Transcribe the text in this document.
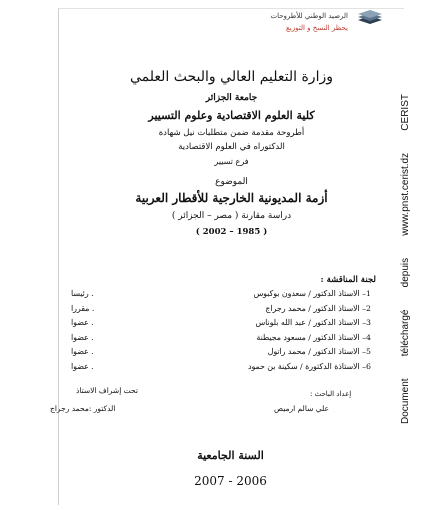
الرصيد الوطني للأطروحات
يحظر النسخ و التوزيع
وزارة التعليم العالي والبحث العلمي
جامعة الجزائر
كلية العلوم الاقتصادية وعلوم التسيير
أطروحة مقدمة ضمن متطلبات نيل شهادة
الدكتوراه في العلوم الاقتصادية
فرع تسيير
الموضوع
أزمة المديونية الخارجية للأقطار العربية
دراسة مقارنة ( مصر – الجزائر )
( 1985 – 2002 )
لجنة المناقشة :
1– الاستاذ الدكتور / سعدون بوكبوس
رئيسا .
2– الاستاذ الدكتور / محمد رجراج
مقررا .
3– الاستاذ الدكتور / عبد الله بلوناس
عضوا .
4– الاستاذ الدكتور / مسعود مجيطنة
عضوا .
5– الاستاذ الدكتور / محمد راتول
عضوا .
6– الاستاذة الدكتورة / سكينة بن حمود
عضوا .
تحت إشراف الاستاذ
الدكتور :محمد رجراج
إعداد الباحث :
علي سالم ارميص
السنة الجامعية
2007 - 2006
Document
téléchargé
depuis
www.pnst.cerist.dz
CERIST
